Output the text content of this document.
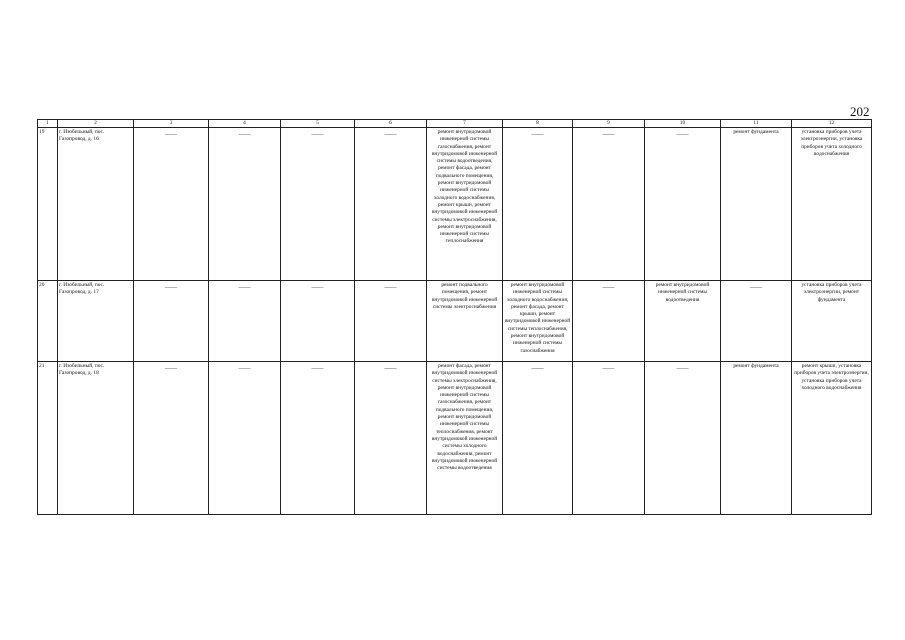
202
1	2	3	4	5	6	7	8	9	10	11	12
19	г. Изобильный, пос. Газопровод, д. 16	——	——	——	——	ремонт внутридомовой инженерной системы газоснабжения, ремонт внутридомовой инженерной системы водоотведения, ремонт фасада, ремонт подвального помещения, ремонт внутридомовой инженерной системы холодного водоснабжения, ремонт крыши, ремонт внутридомовой инженерной системы электроснабжения, ремонт внутридомовой инженерной системы теплоснабжения	——	——	——	ремонт фундамента	установка приборов учета электроэнергии, установка приборов учета холодного водоснабжения
20	г. Изобильный, пос. Газопровод, д. 17	——	——	——	——	ремонт подвального помещения, ремонт внутридомовой инженерной системы электроснабжения	ремонт внутридомовой инженерной системы холодного водоснабжения, ремонт фасада, ремонт крыши, ремонт внутридомовой инженерной системы теплоснабжения, ремонт внутридомовой инженерной системы газоснабжения	——	ремонт внутридомовой инженерной системы водоотведения	——	установка приборов учета электроэнергии, ремонт фундамента
21	г. Изобильный, пос. Газопровод, д. 18	——	——	——	——	ремонт фасада, ремонт внутридомовой инженерной системы электроснабжения, ремонт внутридомовой инженерной системы газоснабжения, ремонт подвального помещения, ремонт внутридомовой инженерной системы теплоснабжения, ремонт внутридомовой инженерной системы холодного водоснабжения, ремонт внутридомовой инженерной системы водоотведения	——	——	——	ремонт фундамента	ремонт крыши, установка приборов учета электроэнергии, установка приборов учета холодного водоснабжения
